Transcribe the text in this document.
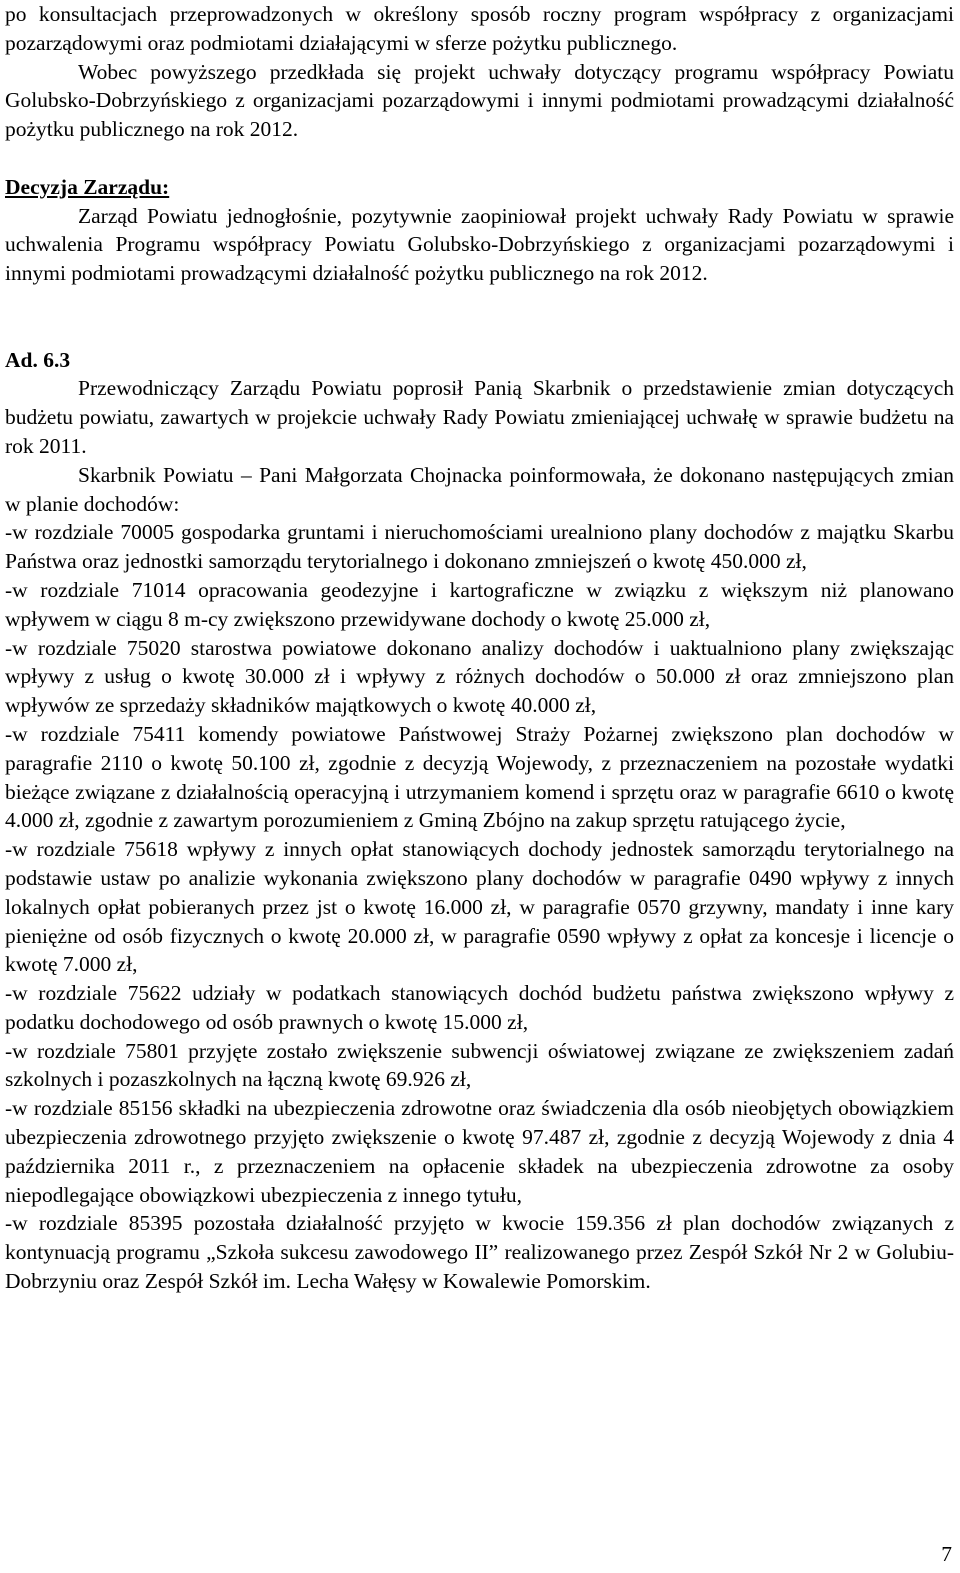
po konsultacjach przeprowadzonych w określony sposób roczny program współpracy z organizacjami pozarządowymi oraz podmiotami działającymi w sferze pożytku publicznego.

Wobec powyższego przedkłada się projekt uchwały dotyczący programu współpracy Powiatu Golubsko-Dobrzyńskiego z organizacjami pozarządowymi i innymi podmiotami prowadzącymi działalność pożytku publicznego na rok 2012.

Decyzja Zarządu:

Zarząd Powiatu jednogłośnie, pozytywnie zaopiniował projekt uchwały Rady Powiatu w sprawie uchwalenia Programu współpracy Powiatu Golubsko-Dobrzyńskiego z organizacjami pozarządowymi i innymi podmiotami prowadzącymi działalność pożytku publicznego na rok 2012.

Ad. 6.3

Przewodniczący Zarządu Powiatu poprosił Panią Skarbnik o przedstawienie zmian dotyczących budżetu powiatu, zawartych w projekcie uchwały Rady Powiatu zmieniającej uchwałę w sprawie budżetu na rok 2011.

Skarbnik Powiatu – Pani Małgorzata Chojnacka poinformowała, że dokonano następujących zmian w planie dochodów:

-w rozdziale 70005 gospodarka gruntami i nieruchomościami urealniono plany dochodów z majątku Skarbu Państwa oraz jednostki samorządu terytorialnego i dokonano zmniejszeń o kwotę 450.000 zł,

-w rozdziale 71014 opracowania geodezyjne i kartograficzne w związku z większym niż planowano wpływem w ciągu 8 m-cy zwiększono przewidywane dochody o kwotę 25.000 zł,

-w rozdziale 75020 starostwa powiatowe dokonano analizy dochodów i uaktualniono plany zwiększając wpływy z usług o kwotę 30.000 zł i wpływy z różnych dochodów o 50.000 zł oraz zmniejszono plan wpływów ze sprzedaży składników majątkowych o kwotę 40.000 zł,

-w rozdziale 75411 komendy powiatowe Państwowej Straży Pożarnej zwiększono plan dochodów w paragrafie 2110 o kwotę 50.100 zł, zgodnie z decyzją Wojewody, z przeznaczeniem na pozostałe wydatki bieżące związane z działalnością operacyjną i utrzymaniem komend i sprzętu oraz w paragrafie 6610 o kwotę 4.000 zł, zgodnie z zawartym porozumieniem z Gminą Zbójno na zakup sprzętu ratującego życie,

-w rozdziale 75618 wpływy z innych opłat stanowiących dochody jednostek samorządu terytorialnego na podstawie ustaw po analizie wykonania zwiększono plany dochodów w paragrafie 0490 wpływy z innych lokalnych opłat pobieranych przez jst o kwotę 16.000 zł, w paragrafie 0570 grzywny, mandaty i inne kary pieniężne od osób fizycznych o kwotę 20.000 zł, w paragrafie 0590 wpływy z opłat za koncesje i licencje o kwotę 7.000 zł,

-w rozdziale 75622 udziały w podatkach stanowiących dochód budżetu państwa zwiększono wpływy z podatku dochodowego od osób prawnych o kwotę 15.000 zł,

-w rozdziale 75801 przyjęte zostało zwiększenie subwencji oświatowej związane ze zwiększeniem zadań szkolnych i pozaszkolnych na łączną kwotę 69.926 zł,

-w rozdziale 85156 składki na ubezpieczenia zdrowotne oraz świadczenia dla osób nieobjętych obowiązkiem ubezpieczenia zdrowotnego przyjęto zwiększenie o kwotę 97.487 zł, zgodnie z decyzją Wojewody z dnia 4 października 2011 r., z przeznaczeniem na opłacenie składek na ubezpieczenia zdrowotne za osoby niepodlegające obowiązkowi ubezpieczenia z innego tytułu,

-w rozdziale 85395 pozostała działalność przyjęto w kwocie 159.356 zł plan dochodów związanych z kontynuacją programu „Szkoła sukcesu zawodowego II” realizowanego przez Zespół Szkół Nr 2 w Golubiu-Dobrzyniu oraz Zespół Szkół im. Lecha Wałęsy w Kowalewie Pomorskim.

7
